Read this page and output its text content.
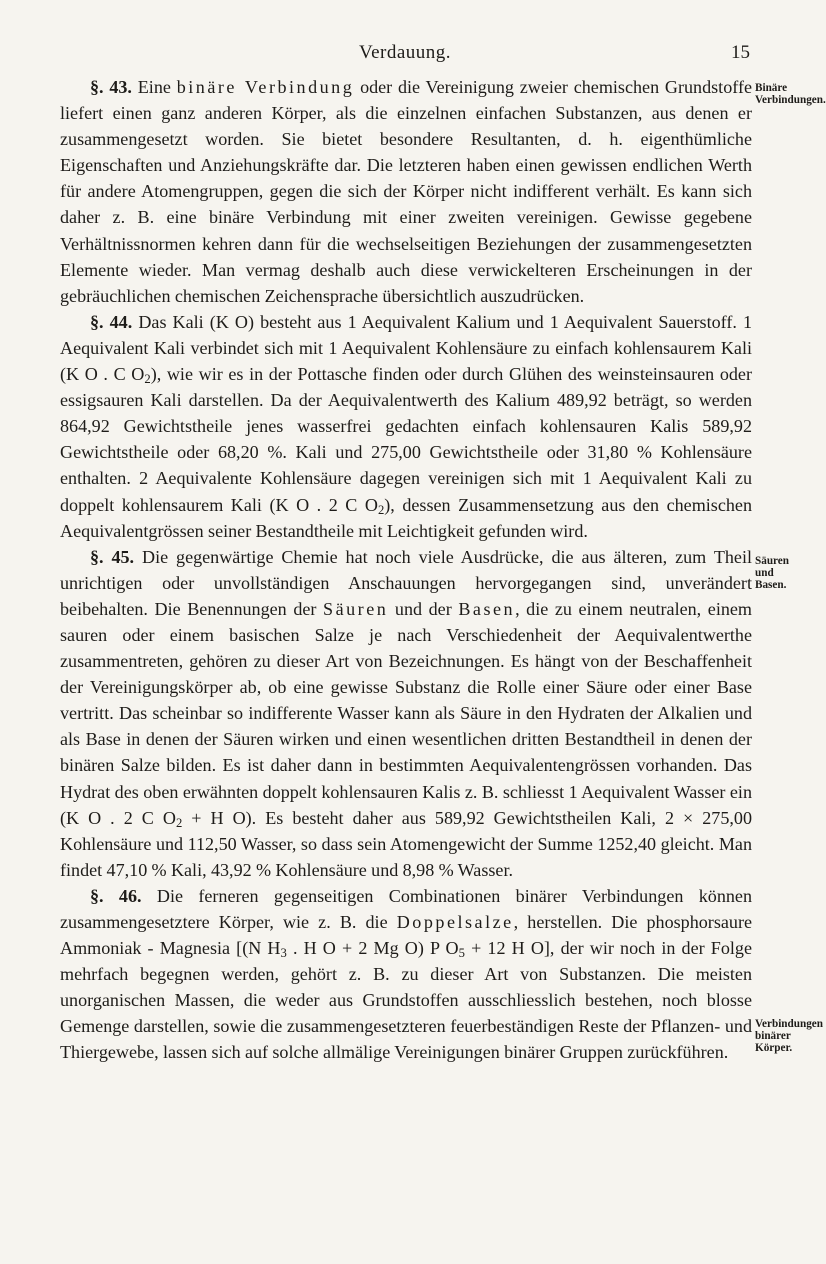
Verdauung.	15
Binäre Verbindungen.
Säuren und Basen.
Verbindungen binärer Körper.

§. 43. Eine binäre Verbindung oder die Vereinigung zweier chemischen Grundstoffe liefert einen ganz anderen Körper, als die einzelnen einfachen Substanzen, aus denen er zusammengesetzt worden. Sie bietet besondere Resultanten, d. h. eigenthümliche Eigenschaften und Anziehungskräfte dar. Die letzteren haben einen gewissen endlichen Werth für andere Atomengruppen, gegen die sich der Körper nicht indifferent verhält. Es kann sich daher z. B. eine binäre Verbindung mit einer zweiten vereinigen. Gewisse gegebene Verhältnissnormen kehren dann für die wechselseitigen Beziehungen der zusammengesetzten Elemente wieder. Man vermag deshalb auch diese verwickelteren Erscheinungen in der gebräuchlichen chemischen Zeichensprache übersichtlich auszudrücken.

§. 44. Das Kali (K O) besteht aus 1 Aequivalent Kalium und 1 Aequivalent Sauerstoff. 1 Aequivalent Kali verbindet sich mit 1 Aequivalent Kohlensäure zu einfach kohlensaurem Kali (K O . C $O_2$), wie wir es in der Pottasche finden oder durch Glühen des weinsteinsauren oder essigsauren Kali darstellen. Da der Aequivalentwerth des Kalium 489,92 beträgt, so werden 864,92 Gewichtstheile jenes wasserfrei gedachten einfach kohlensauren Kalis 589,92 Gewichtstheile oder 68,20 %. Kali und 275,00 Gewichtstheile oder 31,80 % Kohlensäure enthalten. 2 Aequivalente Kohlensäure dagegen vereinigen sich mit 1 Aequivalent Kali zu doppelt kohlensaurem Kali (K O . 2 C $O_2$), dessen Zusammensetzung aus den chemischen Aequivalentgrössen seiner Bestandtheile mit Leichtigkeit gefunden wird.

§. 45. Die gegenwärtige Chemie hat noch viele Ausdrücke, die aus älteren, zum Theil unrichtigen oder unvollständigen Anschauungen hervorgegangen sind, unverändert beibehalten. Die Benennungen der Säuren und der Basen, die zu einem neutralen, einem sauren oder einem basischen Salze je nach Verschiedenheit der Aequivalentwerthe zusammentreten, gehören zu dieser Art von Bezeichnungen. Es hängt von der Beschaffenheit der Vereinigungskörper ab, ob eine gewisse Substanz die Rolle einer Säure oder einer Base vertritt. Das scheinbar so indifferente Wasser kann als Säure in den Hydraten der Alkalien und als Base in denen der Säuren wirken und einen wesentlichen dritten Bestandtheil in denen der binären Salze bilden. Es ist daher dann in bestimmten Aequivalentengrössen vorhanden. Das Hydrat des oben erwähnten doppelt kohlensauren Kalis z. B. schliesst 1 Aequivalent Wasser ein (K O . 2 C $O_2 + H$ O). Es besteht daher aus 589,92 Gewichtstheilen Kali, 2 × 275,00 Kohlensäure und 112,50 Wasser, so dass sein Atomengewicht der Summe 1252,40 gleicht. Man findet 47,10 % Kali, 43,92 % Kohlensäure und 8,98 % Wasser.

§. 46. Die ferneren gegenseitigen Combinationen binärer Verbindungen können zusammengesetztere Körper, wie z. B. die Doppelsalze, herstellen. Die phosphorsaure Ammoniak - Magnesia [(N $H_3$ . H O + 2 Mg O) P $O_5 + 12$ H O], der wir noch in der Folge mehrfach begegnen werden, gehört z. B. zu dieser Art von Substanzen. Die meisten unorganischen Massen, die weder aus Grundstoffen ausschliesslich bestehen, noch blosse Gemenge darstellen, sowie die zusammengesetzteren feuerbeständigen Reste der Pflanzen- und Thiergewebe, lassen sich auf solche allmälige Vereinigungen binärer Gruppen zurückführen.
